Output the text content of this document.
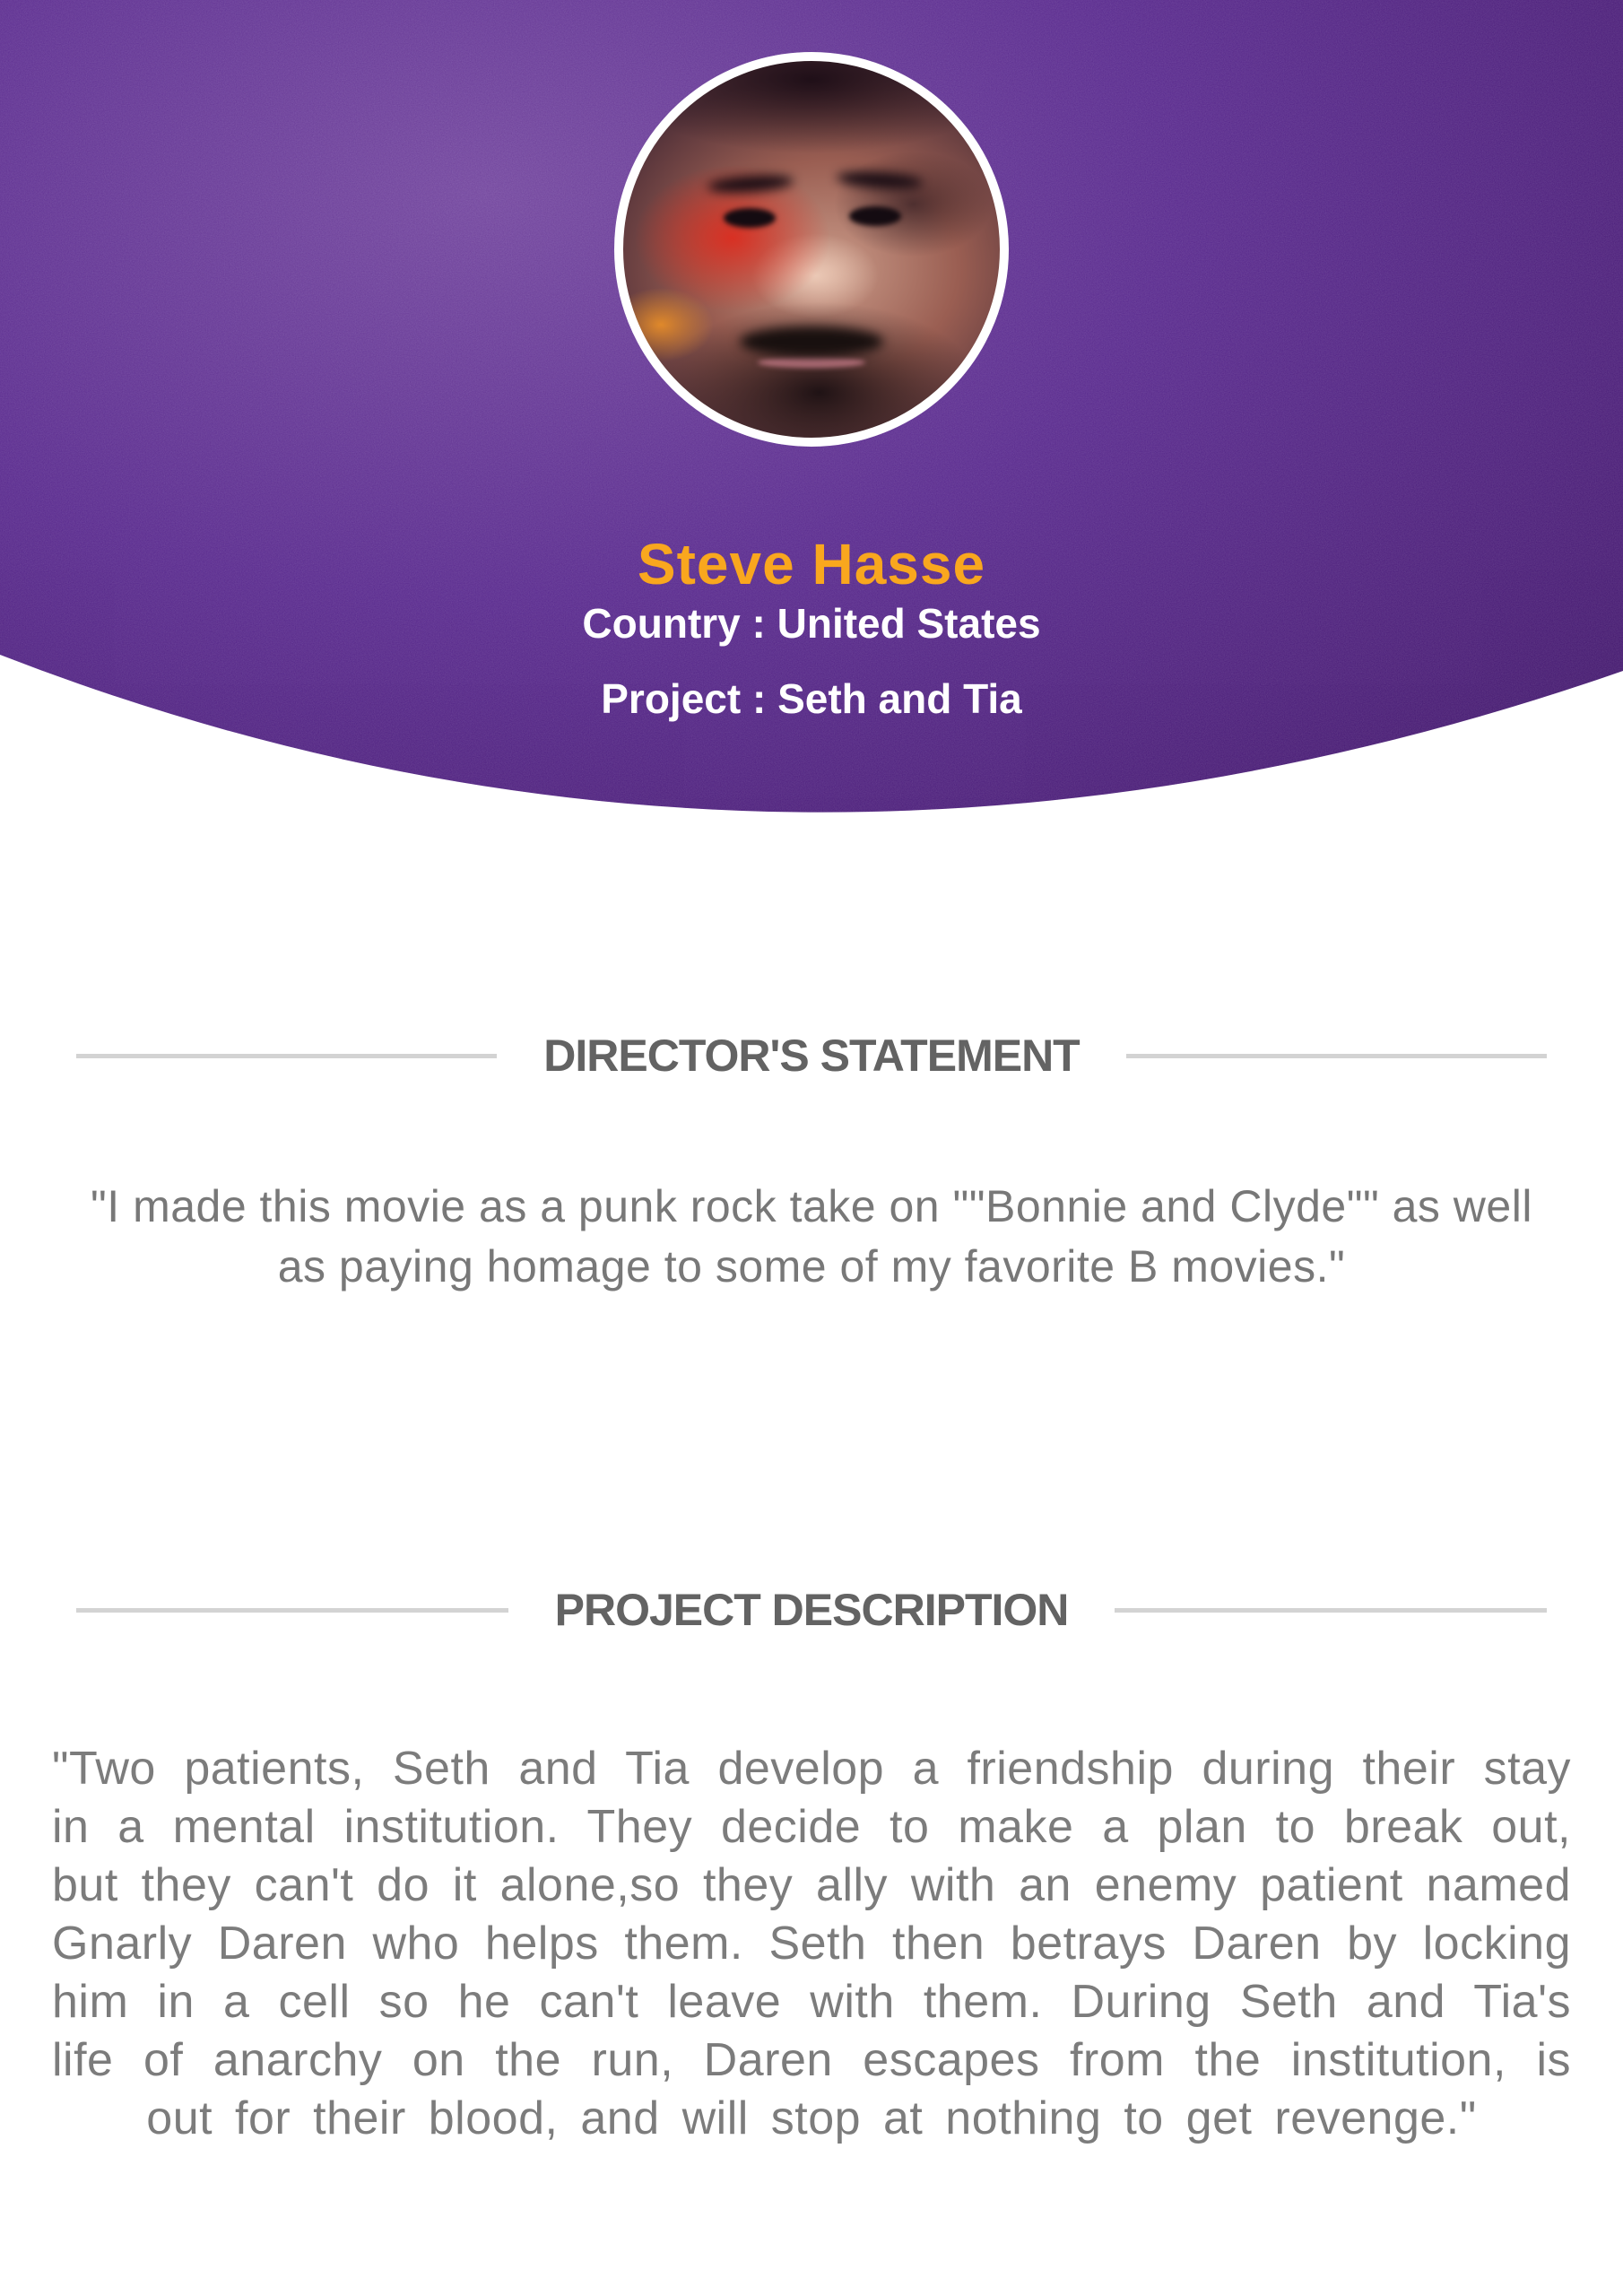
Steve Hasse
Country : United States
Project : Seth and Tia
DIRECTOR'S STATEMENT

"I made this movie as a punk rock take on ""Bonnie and Clyde"" as well as paying homage to some of my favorite B movies."

PROJECT DESCRIPTION

"Two patients, Seth and Tia develop a friendship during their stay in a mental institution. They decide to make a plan to break out, but they can't do it alone,so they ally with an enemy patient named Gnarly Daren who helps them. Seth then betrays Daren by locking him in a cell so he can't leave with them. During Seth and Tia's life of anarchy on the run, Daren escapes from the institution, is out for their blood, and will stop at nothing to get revenge."
